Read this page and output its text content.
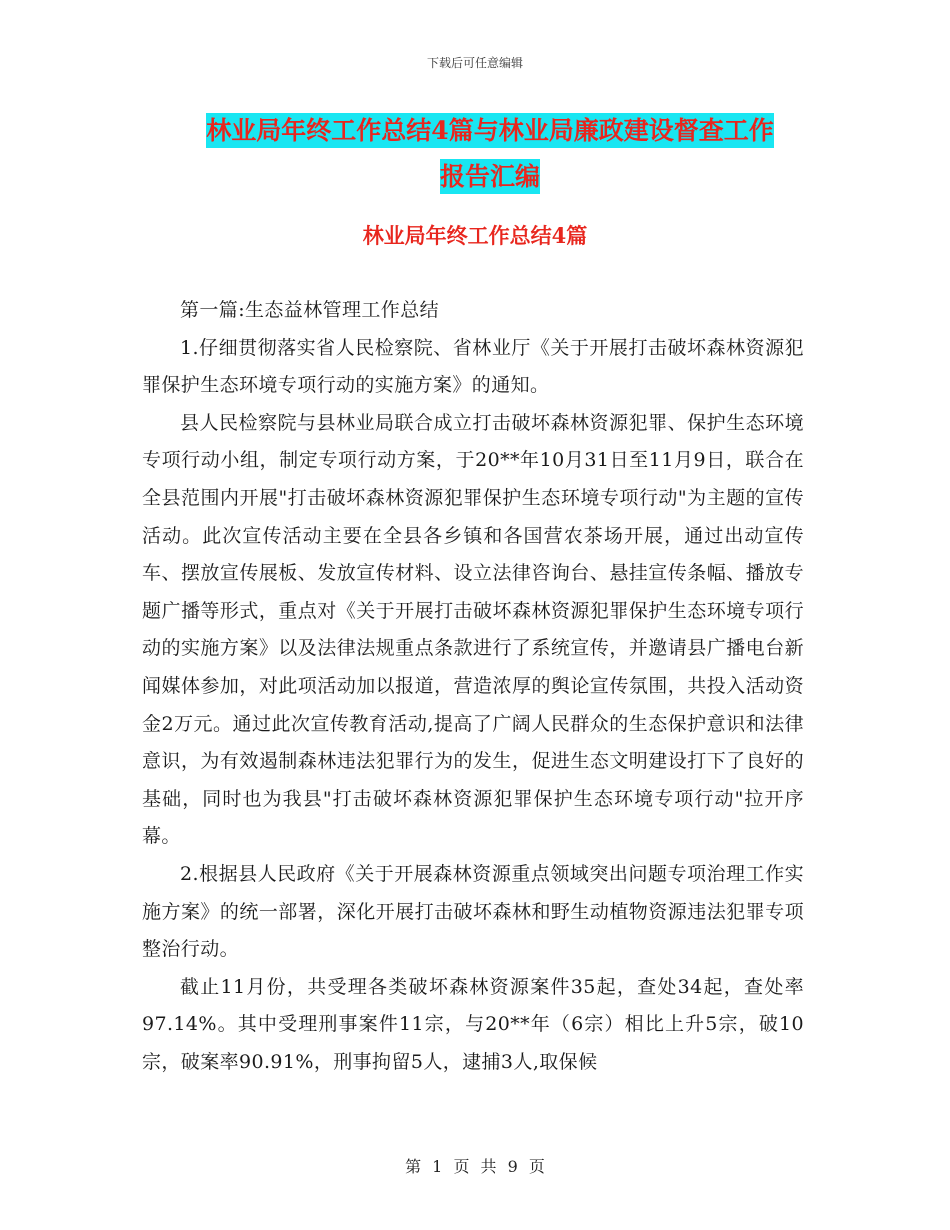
下载后可任意编辑
林业局年终工作总结4篇与林业局廉政建设督查工作
报告汇编
林业局年终工作总结4篇

第一篇:生态益林管理工作总结

1.仔细贯彻落实省人民检察院、省林业厅《关于开展打击破坏森林资源犯罪保护生态环境专项行动的实施方案》的通知。

县人民检察院与县林业局联合成立打击破坏森林资源犯罪、保护生态环境专项行动小组，制定专项行动方案，于20**年10月31日至11月9日，联合在全县范围内开展"打击破坏森林资源犯罪保护生态环境专项行动"为主题的宣传活动。此次宣传活动主要在全县各乡镇和各国营农茶场开展，通过出动宣传车、摆放宣传展板、发放宣传材料、设立法律咨询台、悬挂宣传条幅、播放专题广播等形式，重点对《关于开展打击破坏森林资源犯罪保护生态环境专项行动的实施方案》以及法律法规重点条款进行了系统宣传，并邀请县广播电台新闻媒体参加，对此项活动加以报道，营造浓厚的舆论宣传氛围，共投入活动资金2万元。通过此次宣传教育活动,提高了广阔人民群众的生态保护意识和法律意识，为有效遏制森林违法犯罪行为的发生，促进生态文明建设打下了良好的基础，同时也为我县"打击破坏森林资源犯罪保护生态环境专项行动"拉开序幕。

2.根据县人民政府《关于开展森林资源重点领域突出问题专项治理工作实施方案》的统一部署，深化开展打击破坏森林和野生动植物资源违法犯罪专项整治行动。

截止11月份，共受理各类破坏森林资源案件35起，查处34起，查处率97.14%。其中受理刑事案件11宗，与20**年（6宗）相比上升5宗，破10宗，破案率90.91%，刑事拘留5人，逮捕3人,取保候

第 1 页 共 9 页
